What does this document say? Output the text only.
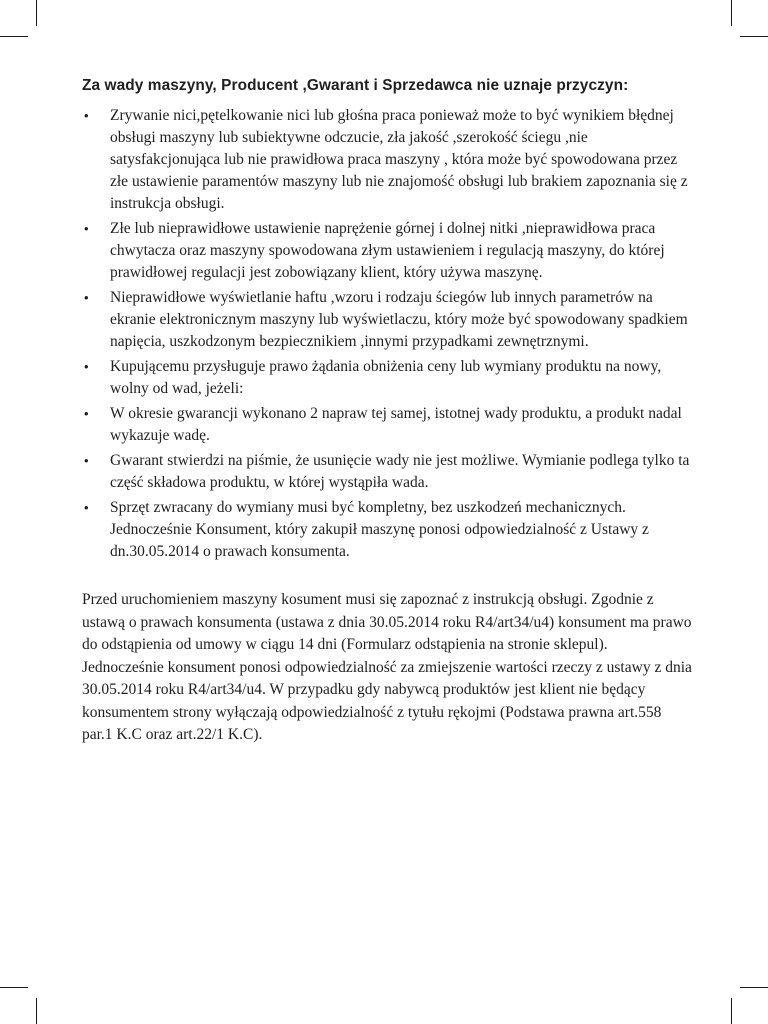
Za wady maszyny, Producent ,Gwarant i Sprzedawca nie uznaje przyczyn:
• Zrywanie nici,pętelkowanie nici lub głośna praca ponieważ może to być wynikiem błędnej obsługi maszyny lub subiektywne odczucie, zła jakość ,szerokość ściegu ,nie satysfakcjonująca lub nie prawidłowa praca maszyny , która może być spowodowana przez złe ustawienie paramentów maszyny lub nie znajomość obsługi lub brakiem zapoznania się z instrukcja obsługi.
• Złe lub nieprawidłowe ustawienie naprężenie górnej i dolnej nitki ,nieprawidłowa praca chwytacza oraz maszyny spowodowana złym ustawieniem i regulacją maszyny, do której prawidłowej regulacji jest zobowiązany klient, który używa maszynę.
• Nieprawidłowe wyświetlanie haftu ,wzoru i rodzaju ściegów lub innych parametrów na ekranie elektronicznym maszyny lub wyświetlaczu, który może być spowodowany spadkiem napięcia, uszkodzonym bezpiecznikiem ,innymi przypadkami zewnętrznymi.
• Kupującemu przysługuje prawo żądania obniżenia ceny lub wymiany produktu na nowy, wolny od wad, jeżeli:
• W okresie gwarancji wykonano 2 napraw tej samej, istotnej wady produktu, a produkt nadal wykazuje wadę.
• Gwarant stwierdzi na piśmie, że usunięcie wady nie jest możliwe. Wymianie podlega tylko ta część składowa produktu, w której wystąpiła wada.
• Sprzęt zwracany do wymiany musi być kompletny, bez uszkodzeń mechanicznych. Jednocześnie Konsument, który zakupił maszynę ponosi odpowiedzialność z Ustawy z dn.30.05.2014 o prawach konsumenta.

Przed uruchomieniem maszyny kosument musi się zapoznać z instrukcją obsługi. Zgodnie z ustawą o prawach konsumenta (ustawa z dnia 30.05.2014 roku R4/art34/u4) konsument ma prawo do odstąpienia od umowy w ciągu 14 dni (Formularz odstąpienia na stronie sklepul). Jednocześnie konsument ponosi odpowiedzialność za zmiejszenie wartości rzeczy z ustawy z dnia 30.05.2014 roku R4/art34/u4. W przypadku gdy nabywcą produktów jest klient nie będący konsumentem strony wyłączają odpowiedzialność z tytułu rękojmi (Podstawa prawna art.558 par.1 K.C oraz art.22/1 K.C).
